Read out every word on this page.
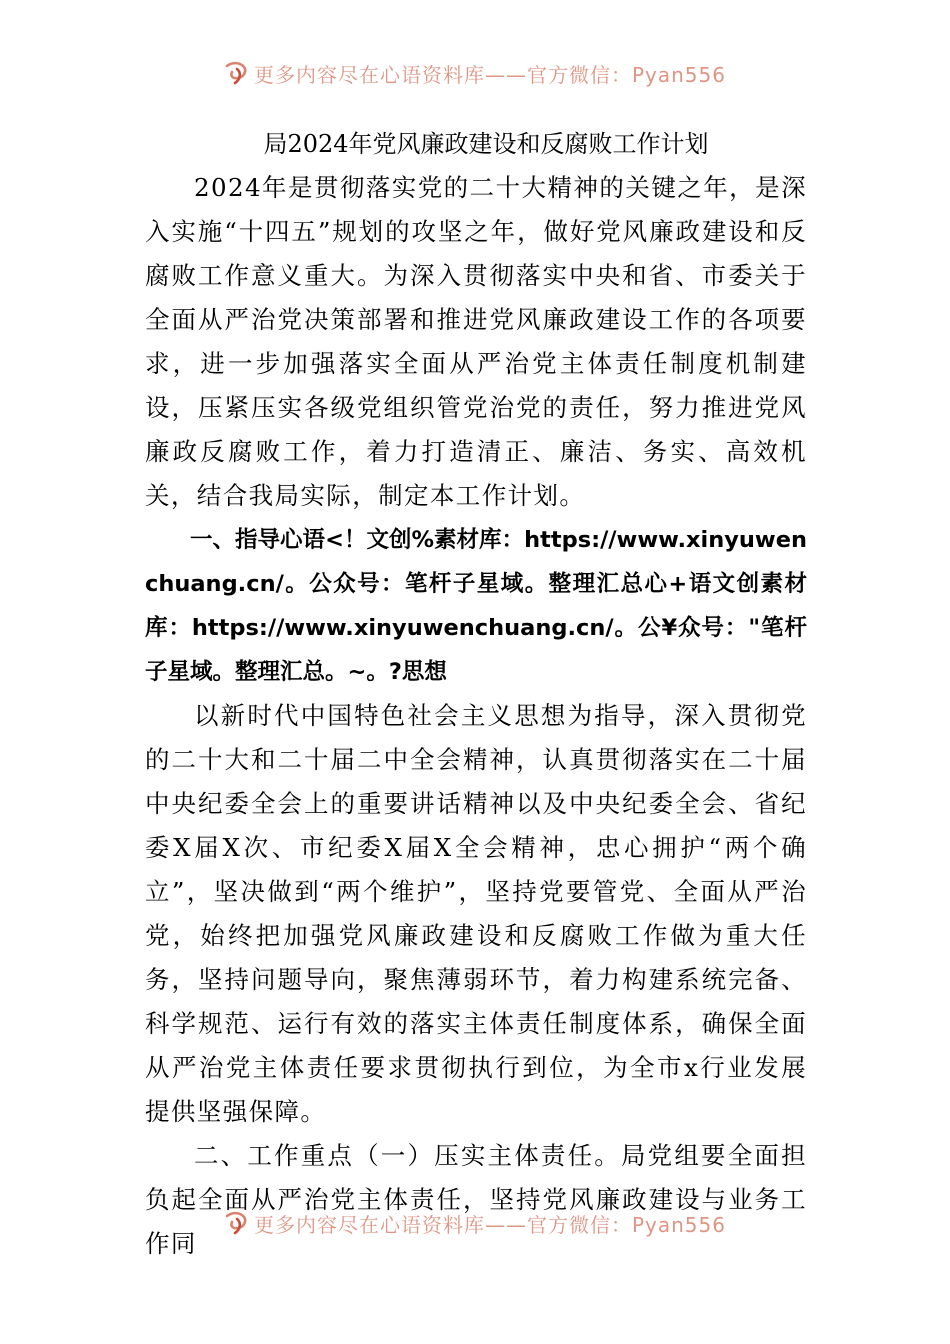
更多内容尽在心语资料库——官方微信：Pyan556

局2024年党风廉政建设和反腐败工作计划

2024年是贯彻落实党的二十大精神的关键之年，是深入实施“十四五”规划的攻坚之年，做好党风廉政建设和反腐败工作意义重大。为深入贯彻落实中央和省、市委关于全面从严治党决策部署和推进党风廉政建设工作的各项要求，进一步加强落实全面从严治党主体责任制度机制建设，压紧压实各级党组织管党治党的责任，努力推进党风廉政反腐败工作，着力打造清正、廉洁、务实、高效机关，结合我局实际，制定本工作计划。

一、指导心语<！文创%素材库：https://www.xinyuwenchuang.cn/。公众号：笔杆子星域。整理汇总心+语文创素材库：https://www.xinyuwenchuang.cn/。公¥众号："笔杆子星域。整理汇总。~。?思想

以新时代中国特色社会主义思想为指导，深入贯彻党的二十大和二十届二中全会精神，认真贯彻落实在二十届中央纪委全会上的重要讲话精神以及中央纪委全会、省纪委X届X次、市纪委X届X全会精神，忠心拥护“两个确立”，坚决做到“两个维护”，坚持党要管党、全面从严治党，始终把加强党风廉政建设和反腐败工作做为重大任务，坚持问题导向，聚焦薄弱环节，着力构建系统完备、科学规范、运行有效的落实主体责任制度体系，确保全面从严治党主体责任要求贯彻执行到位，为全市x行业发展提供坚强保障。

二、工作重点（一）压实主体责任。局党组要全面担负起全面从严治党主体责任，坚持党风廉政建设与业务工作同

更多内容尽在心语资料库——官方微信：Pyan556
